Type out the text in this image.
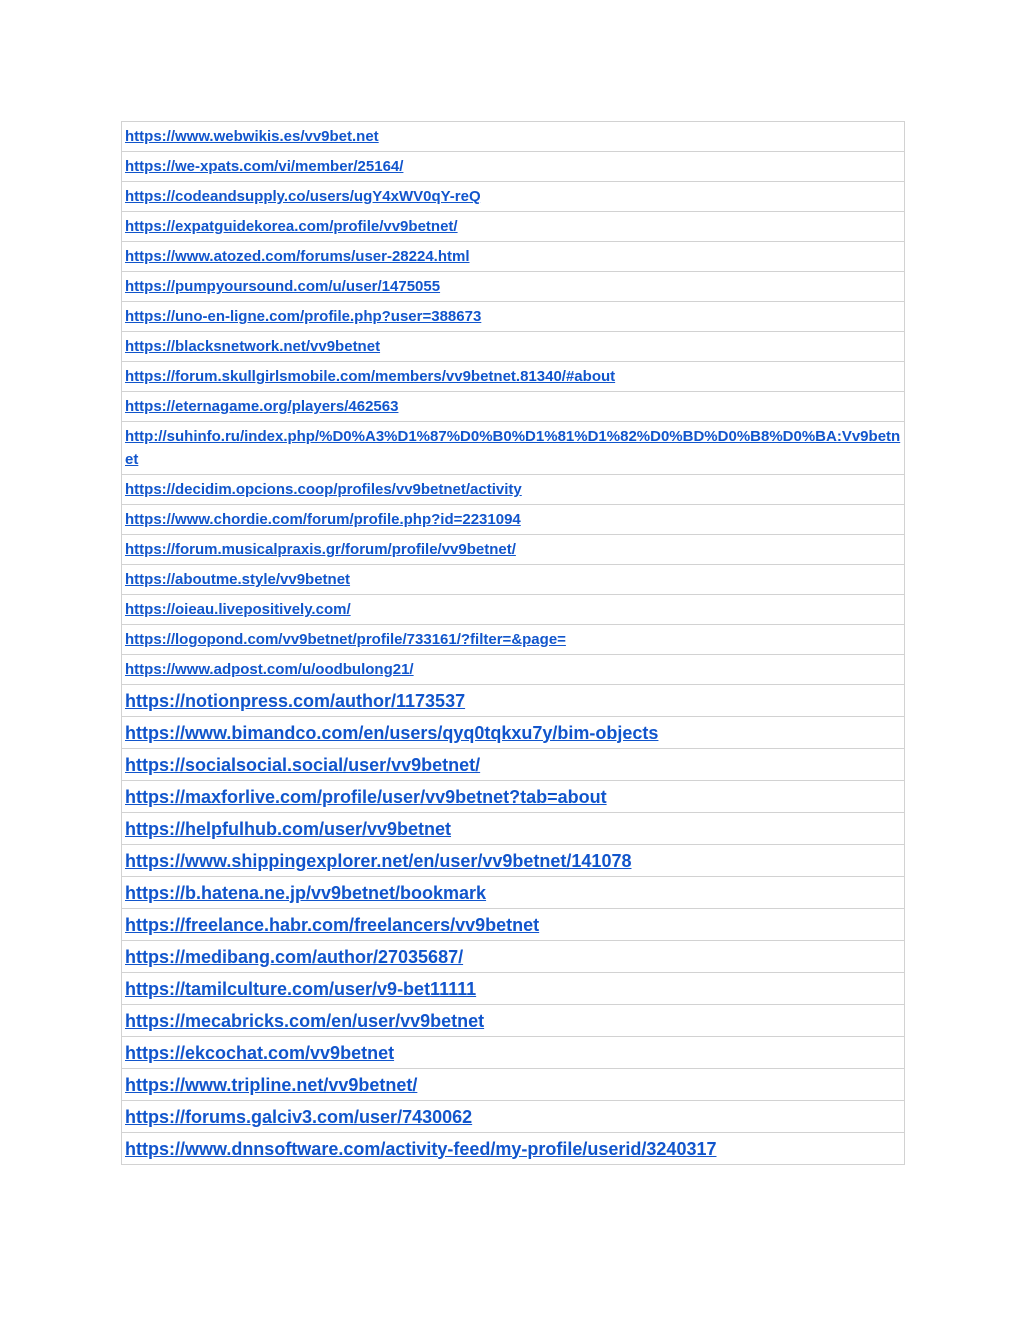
https://www.webwikis.es/vv9bet.net
https://we-xpats.com/vi/member/25164/
https://codeandsupply.co/users/ugY4xWV0qY-reQ
https://expatguidekorea.com/profile/vv9betnet/
https://www.atozed.com/forums/user-28224.html
https://pumpyoursound.com/u/user/1475055
https://uno-en-ligne.com/profile.php?user=388673
https://blacksnetwork.net/vv9betnet
https://forum.skullgirlsmobile.com/members/vv9betnet.81340/#about
https://eternagame.org/players/462563
http://suhinfo.ru/index.php/%D0%A3%D1%87%D0%B0%D1%81%D1%82%D0%BD%D0%B8%D0%BA:Vv9betnet
https://decidim.opcions.coop/profiles/vv9betnet/activity
https://www.chordie.com/forum/profile.php?id=2231094
https://forum.musicalpraxis.gr/forum/profile/vv9betnet/
https://aboutme.style/vv9betnet
https://oieau.livepositively.com/
https://logopond.com/vv9betnet/profile/733161/?filter=&page=
https://www.adpost.com/u/oodbulong21/
https://notionpress.com/author/1173537
https://www.bimandco.com/en/users/qyq0tqkxu7y/bim-objects
https://socialsocial.social/user/vv9betnet/
https://maxforlive.com/profile/user/vv9betnet?tab=about
https://helpfulhub.com/user/vv9betnet
https://www.shippingexplorer.net/en/user/vv9betnet/141078
https://b.hatena.ne.jp/vv9betnet/bookmark
https://freelance.habr.com/freelancers/vv9betnet
https://medibang.com/author/27035687/
https://tamilculture.com/user/v9-bet11111
https://mecabricks.com/en/user/vv9betnet
https://ekcochat.com/vv9betnet
https://www.tripline.net/vv9betnet/
https://forums.galciv3.com/user/7430062
https://www.dnnsoftware.com/activity-feed/my-profile/userid/3240317
